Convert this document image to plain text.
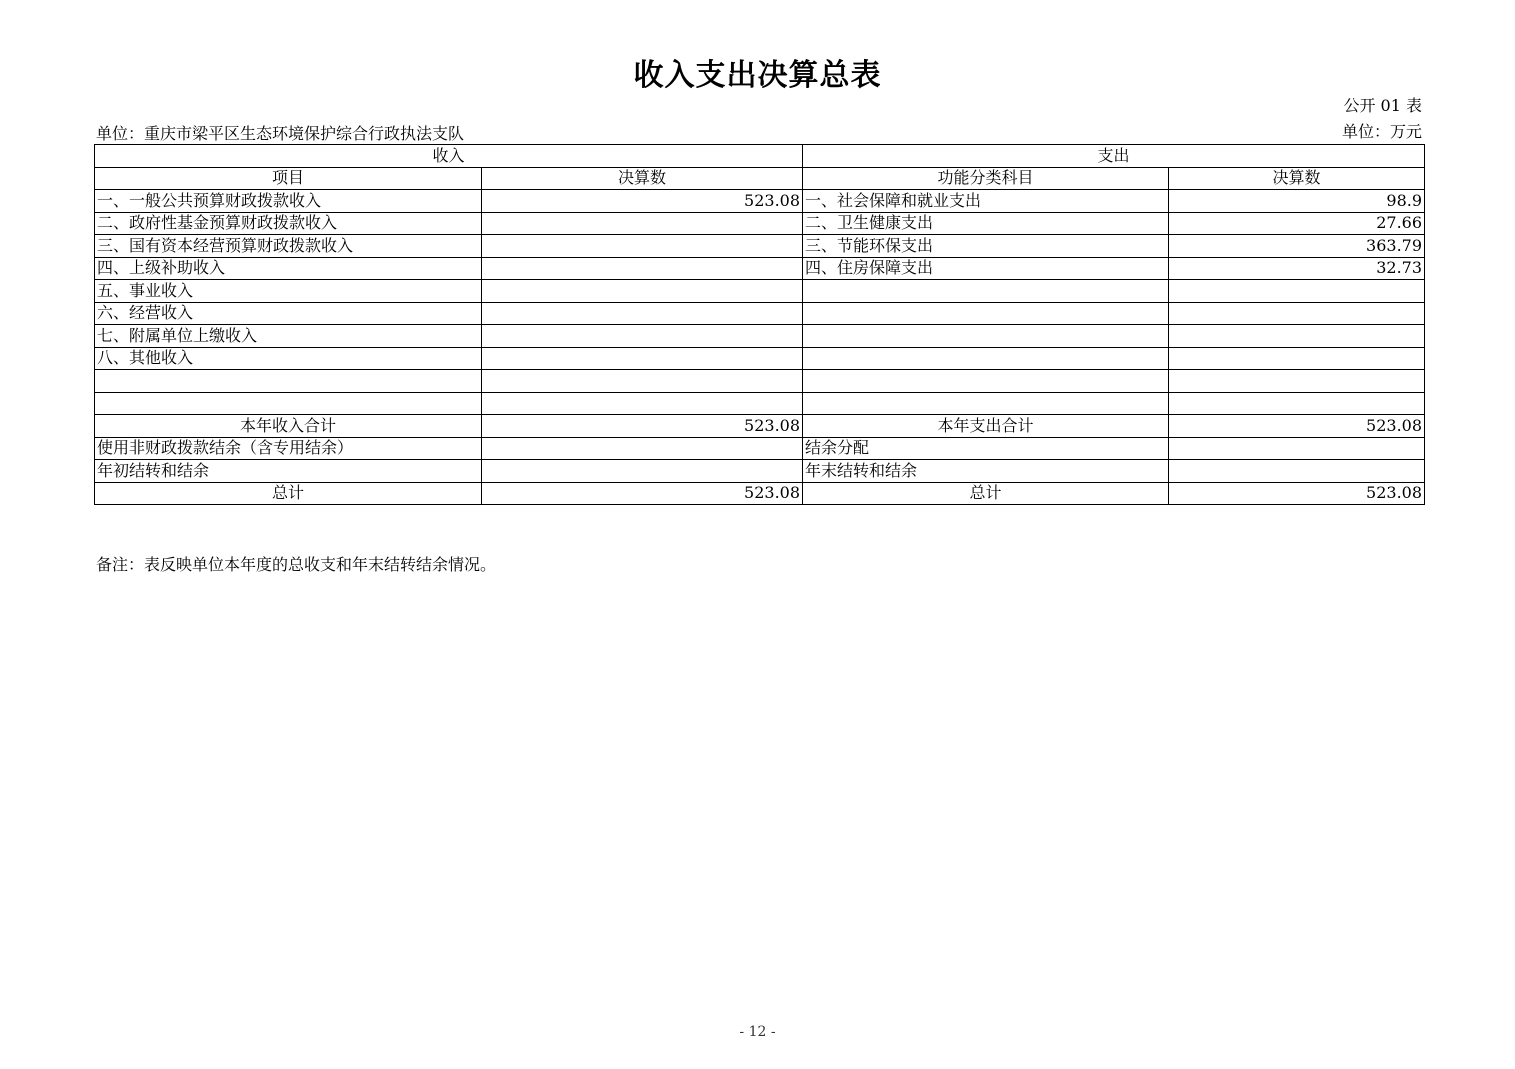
收入支出决算总表
公开 01 表
单位：重庆市梁平区生态环境保护综合行政执法支队	单位：万元
收入		支出	
项目	决算数	功能分类科目	决算数
一、一般公共预算财政拨款收入	523.08	一、社会保障和就业支出	98.9
二、政府性基金预算财政拨款收入		二、卫生健康支出	27.66
三、国有资本经营预算财政拨款收入		三、节能环保支出	363.79
四、上级补助收入		四、住房保障支出	32.73
五、事业收入			
六、经营收入			
七、附属单位上缴收入			
八、其他收入			

本年收入合计	523.08	本年支出合计	523.08
使用非财政拨款结余（含专用结余）		结余分配	
年初结转和结余		年末结转和结余	
总计	523.08	总计	523.08
备注：表反映单位本年度的总收支和年末结转结余情况。
- 12 -
